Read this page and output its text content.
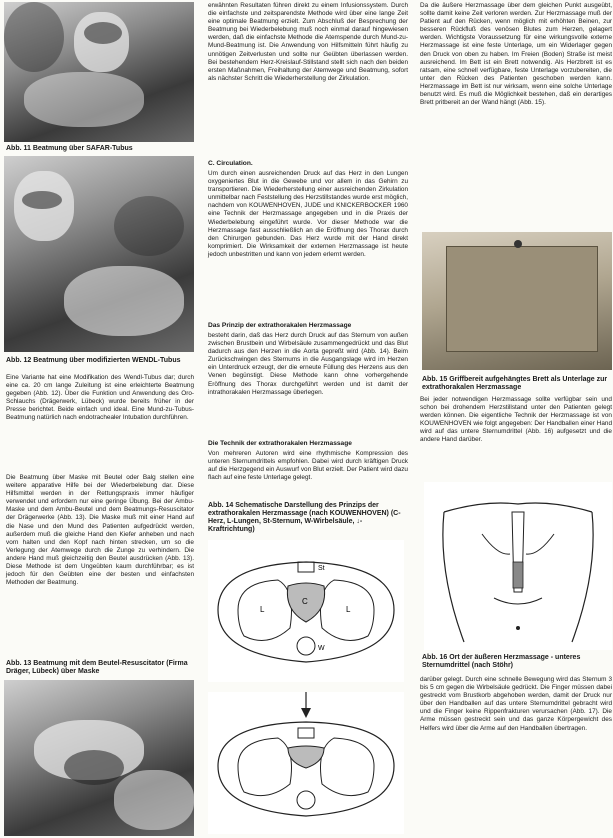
Abb. 11 Beatmung über SAFAR-Tubus
Abb. 12 Beatmung über modifizierten WENDL-Tubus
Eine Variante hat eine Modifikation des Wendl-Tubus dar; durch eine ca. 20 cm lange Zuleitung ist eine erleichterte Beatmung gegeben (Abb. 12). Über die Funktion und Anwendung des Oro-Schlauchs (Drägerwerk, Lübeck) wurde bereits früher in der Presse berichtet. Beide einfach und ideal. Eine Mund-zu-Tubus-Beatmung natürlich nach endotrachealer Intubation durchführen.
Die Beatmung über Maske mit Beutel oder Balg stellen eine weitere apparative Hilfe bei der Wiederbelebung dar. Diese Hilfsmittel werden in der Rettungspraxis immer häufiger verwendet und erfordern nur eine geringe Übung. Bei der Ambu-Maske und dem Ambu-Beutel und dem Beatmungs-Resuscitator der Drägerwerke (Abb. 13). Die Maske muß mit einer Hand auf die Nase und den Mund des Patienten aufgedrückt werden, außerdem muß die gleiche Hand den Kiefer anheben und nach vorn halten und den Kopf nach hinten strecken, um so die Verlegung der Atemwege durch die Zunge zu verhindern. Die andere Hand muß gleichzeitig den Beutel ausdrücken (Abb. 13). Diese Methode ist dem Ungeübten kaum durchführbar; es ist jedoch für den Geübten eine der besten und einfachsten Methoden der Beatmung.
Abb. 13 Beatmung mit dem Beutel-Resuscitator (Firma Dräger, Lübeck) über Maske
erwähnten Resultaten führen direkt zu einem Infusionssystem. Durch die einfachste und zeitsparendste Methode wird über eine lange Zeit eine optimale Beatmung erzielt. Zum Abschluß der Besprechung der Beatmung bei Wiederbelebung muß noch einmal darauf hingewiesen werden, daß die einfachste Methode die Atemspende durch Mund-zu-Mund-Beatmung ist. Die Anwendung von Hilfsmitteln führt häufig zu unnötigen Zeitverlusten und sollte nur Geübten überlassen werden. Bei bestehendem Herz-Kreislauf-Stillstand stellt sich nach den beiden ersten Maßnahmen, Freihaltung der Atemwege und Beatmung, sofort als nächster Schritt die Wiederherstellung der Zirkulation.
C. Circulation.
Um durch einen ausreichenden Druck auf das Herz in den Lungen oxygeniertes Blut in die Gewebe und vor allem in das Gehirn zu transportieren. Die Wiederherstellung einer ausreichenden Zirkulation unmittelbar nach Feststellung des Herzstillstandes wurde erst möglich, nachdem von KOUWENHOVEN, JUDE und KNICKERBOCKER 1960 eine Technik der Herzmassage angegeben und in die Praxis der Wiederbelebung eingeführt wurde. Vor dieser Methode war die Herzmassage fast ausschließlich an die Eröffnung des Thorax durch den Chirurgen gebunden. Das Herz wurde mit der Hand direkt komprimiert. Die Wirksamkeit der externen Herzmassage ist heute jedoch unbestritten und kann von jedem erlernt werden.
Das Prinzip der extrathorakalen Herzmassage
besteht darin, daß das Herz durch Druck auf das Sternum von außen zwischen Brustbein und Wirbelsäule zusammengedrückt und das Blut dadurch aus den Herzen in die Aorta gepreßt wird (Abb. 14). Beim Zurückschwingen des Sternums in die Ausgangslage wird im Herzen ein Unterdruck erzeugt, der die erneute Füllung des Herzens aus den Venen begünstigt. Diese Methode kann ohne vorhergehende Eröffnung des Thorax durchgeführt werden und ist damit der intrathorakalen Herzmassage überlegen.
Die Technik der extrathorakalen Herzmassage
Von mehreren Autoren wird eine rhythmische Kompression des unteren Sternumdrittels empfohlen. Dabei wird durch kräftigen Druck auf die Herzgegend ein Auswurf von Blut erzielt. Der Patient wird dazu flach auf eine feste Unterlage gelegt.
Abb. 14 Schematische Darstellung des Prinzips der extrathorakalen Herzmassage (nach KOUWENHOVEN) (C-Herz, L-Lungen, St-Sternum, W-Wirbelsäule, ↓-Kraftrichtung)
L	L
C
St
W
Da die äußere Herzmassage über dem gleichen Punkt ausgeübt, sollte damit keine Zeit verloren werden. Zur Herzmassage muß der Patient auf den Rücken, wenn möglich mit erhöhten Beinen, zur besseren Rückfluß des venösen Blutes zum Herzen, gelagert werden. Wichtigste Voraussetzung für eine wirkungsvolle externe Herzmassage ist eine feste Unterlage, um ein Widerlager gegen den Druck von oben zu haben. Im Freien (Boden) Straße ist meist ausreichend. Im Bett ist ein Brett notwendig. Als Herzbrett ist es ratsam, eine schnell verfügbare, feste Unterlage vorzubereiten, die unter den Rücken des Patienten geschoben werden kann. Herzmassage im Bett ist nur wirksam, wenn eine solche Unterlage benutzt wird. Es muß die Möglichkeit bestehen, daß ein derartiges Brett pritbereit an der Wand hängt (Abb. 15).
Abb. 15 Griffbereit aufgehängtes Brett als Unterlage zur extrathorakalen Herzmassage
Bei jeder notwendigen Herzmassage sollte verfügbar sein und schon bei drohendem Herzstillstand unter den Patienten gelegt werden können. Die eigentliche Technik der Herzmassage ist von KOUWENHOVEN wie folgt angegeben: Der Handballen einer Hand wird auf das untere Sternumdrittel (Abb. 16) aufgesetzt und die andere Hand darüber.
Abb. 16 Ort der äußeren Herzmassage - unteres Sternumdrittel (nach Stöhr)
darüber gelegt. Durch eine schnelle Bewegung wird das Sternum 3 bis 5 cm gegen die Wirbelsäule gedrückt. Die Finger müssen dabei gestreckt vom Brustkorb abgehoben werden, damit der Druck nur über den Handballen auf das untere Sternumdrittel gebracht wird und die Finger keine Rippenfrakturen verursachen (Abb. 17). Die Arme müssen gestreckt sein und das ganze Körpergewicht des Helfers wird über die Arme auf den Handballen übertragen.
